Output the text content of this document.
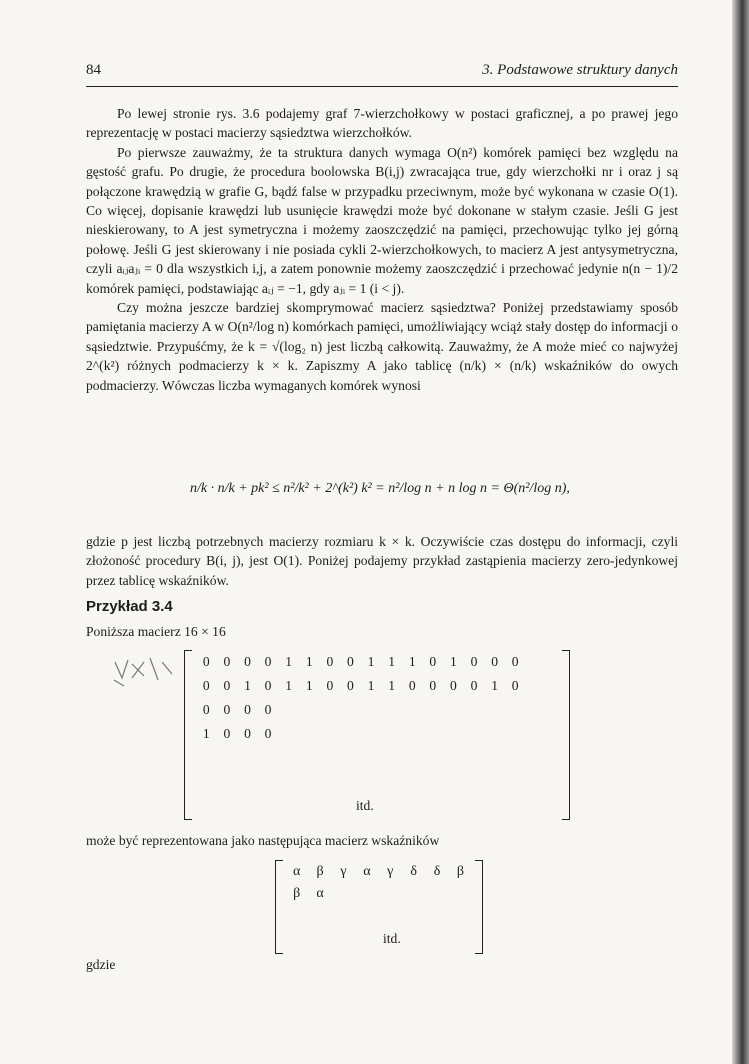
84	3. Podstawowe struktury danych

Po lewej stronie rys. 3.6 podajemy graf 7-wierzchołkowy w postaci graficznej, a po prawej jego reprezentację w postaci macierzy sąsiedztwa wierzchołków.

Po pierwsze zauważmy, że ta struktura danych wymaga O(n²) komórek pamięci bez względu na gęstość grafu. Po drugie, że procedura boolowska B(i,j) zwracająca true, gdy wierzchołki nr i oraz j są połączone krawędzią w grafie G, bądź false w przypadku przeciwnym, może być wykonana w czasie O(1). Co więcej, dopisanie krawędzi lub usunięcie krawędzi może być dokonane w stałym czasie. Jeśli G jest nieskierowany, to A jest symetryczna i możemy zaoszczędzić na pamięci, przechowując tylko jej górną połowę. Jeśli G jest skierowany i nie posiada cykli 2-wierzchołkowych, to macierz A jest antysymetryczna, czyli aᵢⱼaⱼᵢ = 0 dla wszystkich i,j, a zatem ponownie możemy zaoszczędzić i przechować jedynie n(n − 1)/2 komórek pamięci, podstawiając aᵢⱼ = −1, gdy aⱼᵢ = 1 (i < j).

Czy można jeszcze bardziej skomprymować macierz sąsiedztwa? Poniżej przedstawiamy sposób pamiętania macierzy A w O(n²/log n) komórkach pamięci, umożliwiający wciąż stały dostęp do informacji o sąsiedztwie. Przypuśćmy, że k = √(log₂ n) jest liczbą całkowitą. Zauważmy, że A może mieć co najwyżej 2^(k²) różnych podmacierzy k × k. Zapiszmy A jako tablicę (n/k) × (n/k) wskaźników do owych podmacierzy. Wówczas liczba wymaganych komórek wynosi

n/k · n/k + pk² ≤ n²/k² + 2^(k²) k² = n²/log n + n log n = Θ(n²/log n),

gdzie p jest liczbą potrzebnych macierzy rozmiaru k × k. Oczywiście czas dostępu do informacji, czyli złożoność procedury B(i, j), jest O(1). Poniżej podajemy przykład zastąpienia macierzy zero-jedynkowej przez tablicę wskaźników.

Przykład 3.4
Poniższa macierz 16 × 16
0	0	0	0	1	1	0	0	1	1	1	0	1	0	0	0
0	0	1	0	1	1	0	0	1	1	0	0	0	0	1	0
0	0	0	0
1	0	0	0
itd.
może być reprezentowana jako następująca macierz wskaźników
α	β	γ	α	γ	δ	δ	β
β	α
itd.
gdzie
